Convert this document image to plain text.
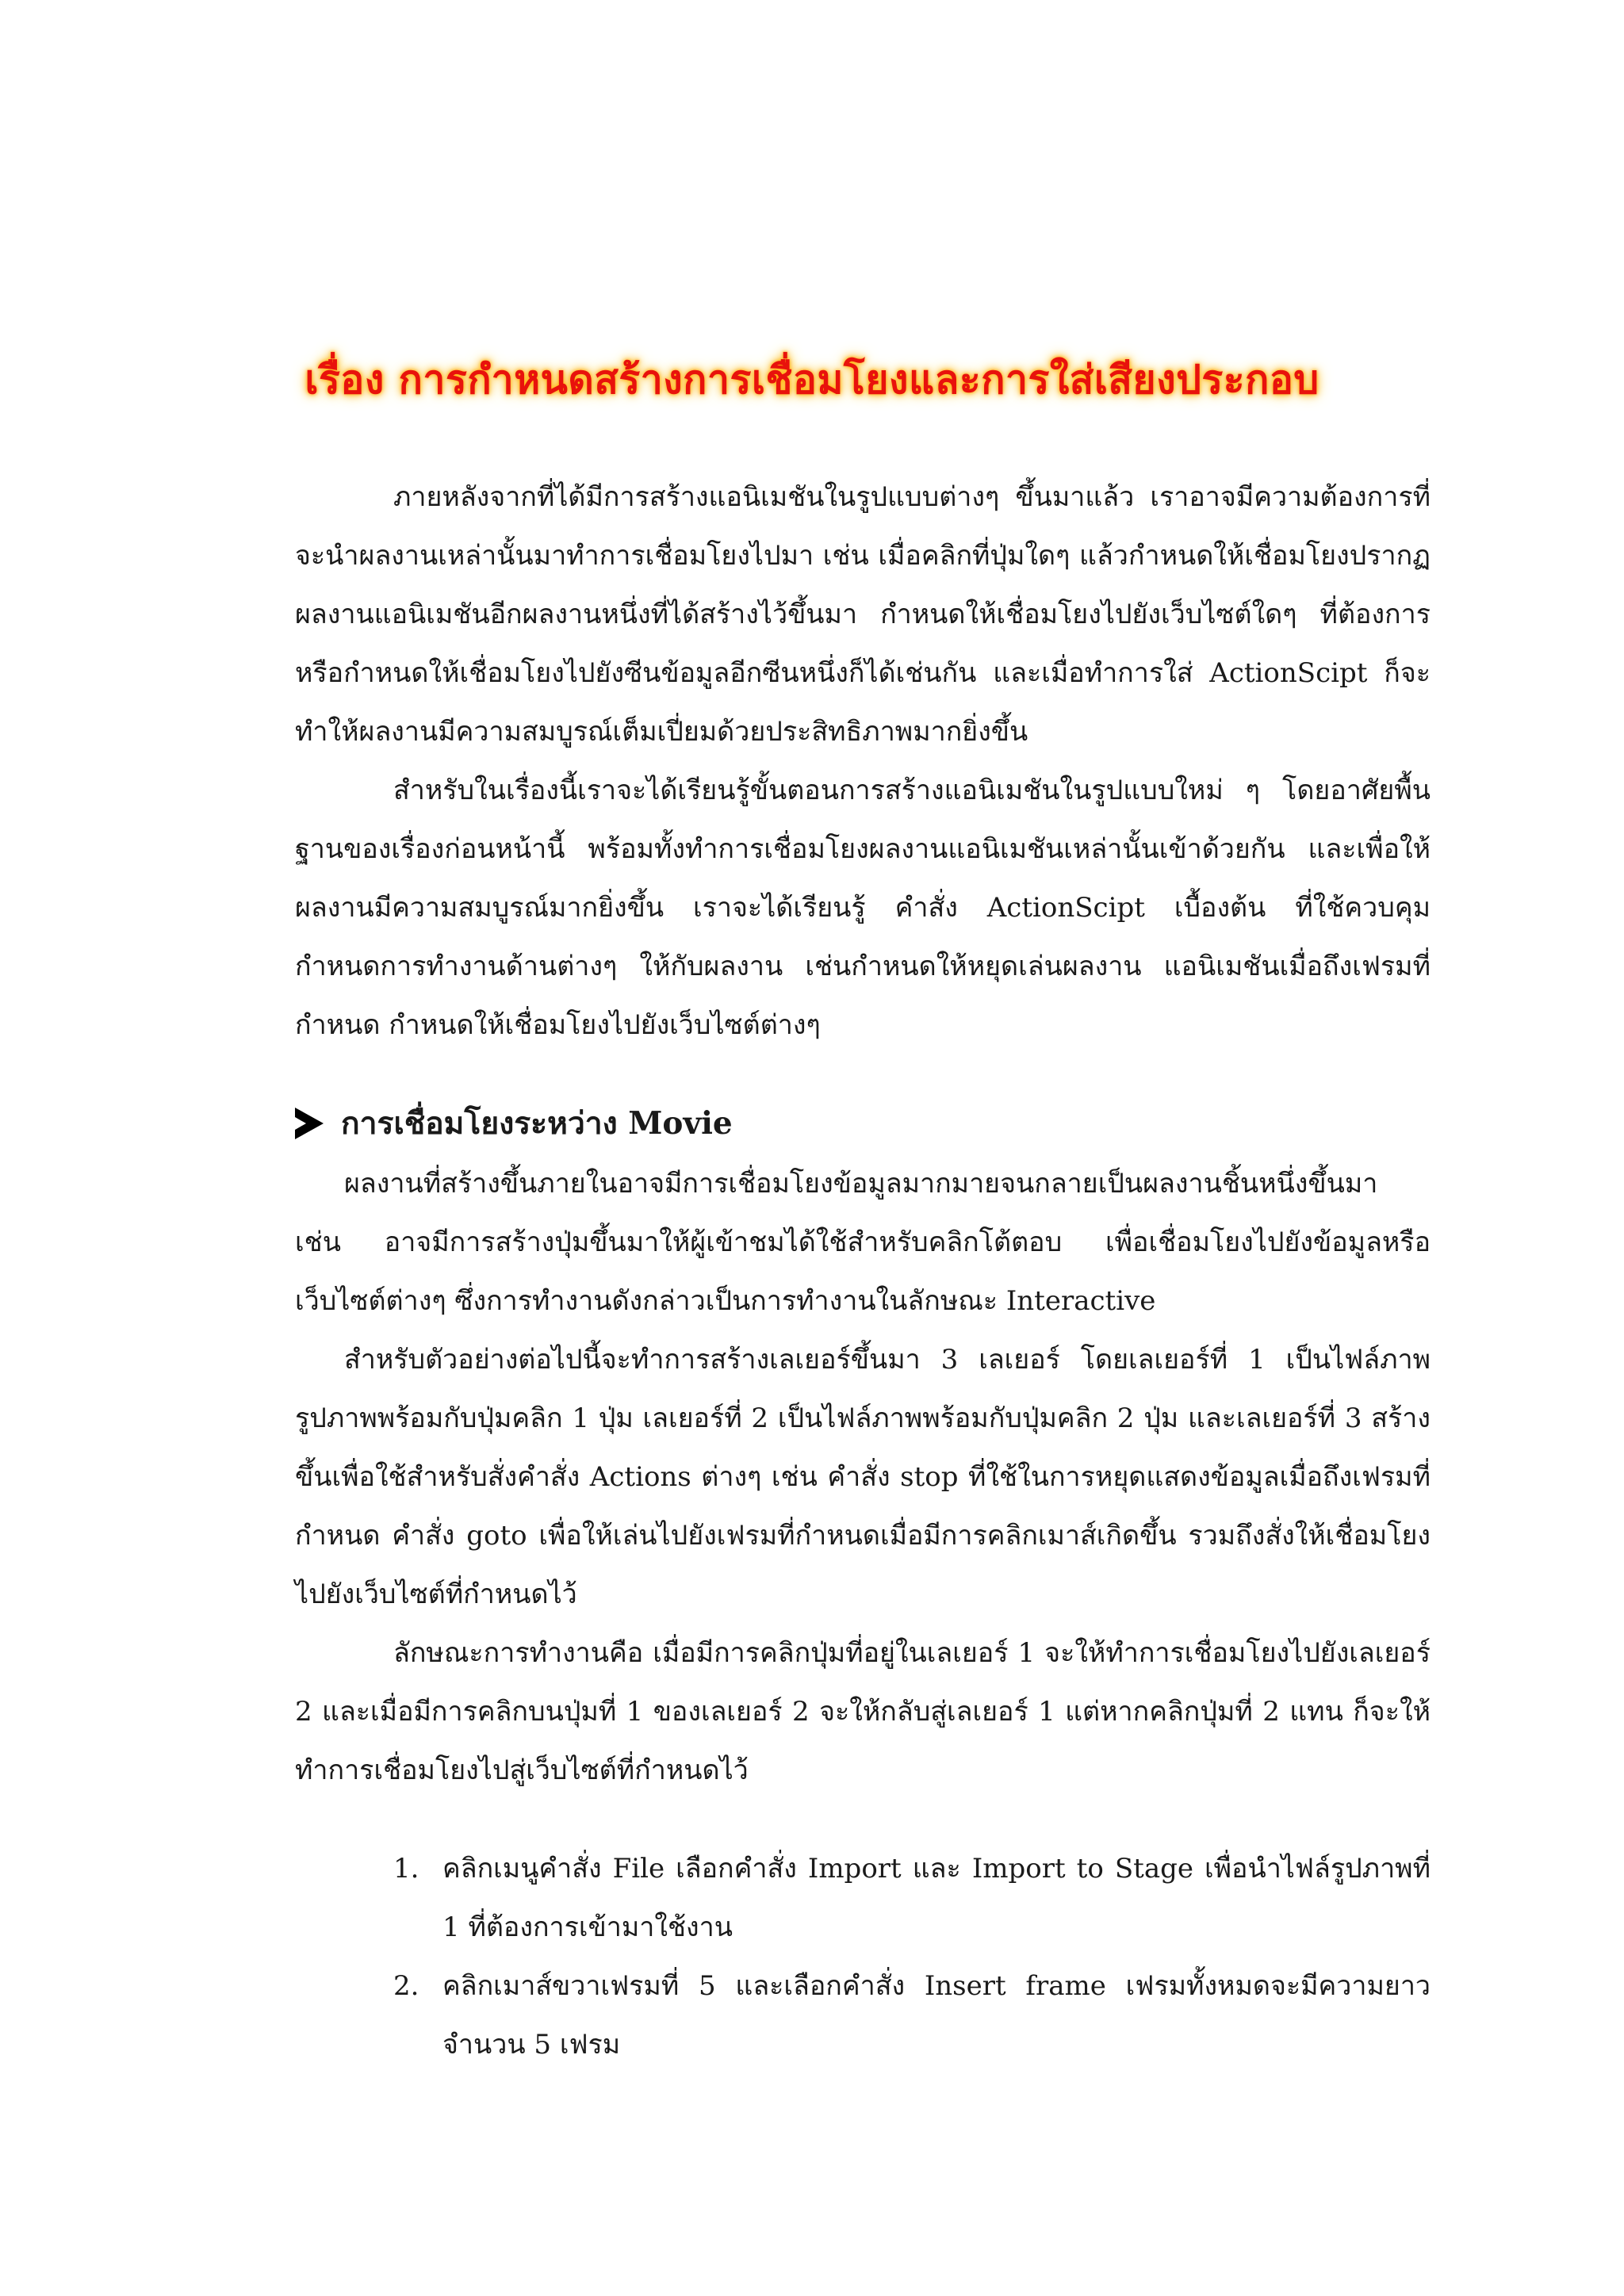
เรื่อง การกำหนดสร้างการเชื่อมโยงและการใส่เสียงประกอบ

ภายหลังจากที่ได้มีการสร้างแอนิเมชันในรูปแบบต่างๆ ขึ้นมาแล้ว เราอาจมีความต้องการที่จะนำผลงานเหล่านั้นมาทำการเชื่อมโยงไปมา เช่น เมื่อคลิกที่ปุ่มใดๆ แล้วกำหนดให้เชื่อมโยงปรากฏผลงานแอนิเมชันอีกผลงานหนึ่งที่ได้สร้างไว้ขึ้นมา กำหนดให้เชื่อมโยงไปยังเว็บไซต์ใดๆ ที่ต้องการ หรือกำหนดให้เชื่อมโยงไปยังซีนข้อมูลอีกซีนหนึ่งก็ได้เช่นกัน และเมื่อทำการใส่ ActionScipt ก็จะทำให้ผลงานมีความสมบูรณ์เต็มเปี่ยมด้วยประสิทธิภาพมากยิ่งขึ้น

สำหรับในเรื่องนี้เราจะได้เรียนรู้ขั้นตอนการสร้างแอนิเมชันในรูปแบบใหม่ ๆ โดยอาศัยพื้นฐานของเรื่องก่อนหน้านี้ พร้อมทั้งทำการเชื่อมโยงผลงานแอนิเมชันเหล่านั้นเข้าด้วยกัน และเพื่อให้ผลงานมีความสมบูรณ์มากยิ่งขึ้น เราจะได้เรียนรู้ คำสั่ง ActionScipt เบื้องต้น ที่ใช้ควบคุมกำหนดการทำงานด้านต่างๆ ให้กับผลงาน เช่นกำหนดให้หยุดเล่นผลงาน แอนิเมชันเมื่อถึงเฟรมที่กำหนด กำหนดให้เชื่อมโยงไปยังเว็บไซต์ต่างๆ

การเชื่อมโยงระหว่าง Movie

ผลงานที่สร้างขึ้นภายในอาจมีการเชื่อมโยงข้อมูลมากมายจนกลายเป็นผลงานชิ้นหนึ่งขึ้นมา เช่น อาจมีการสร้างปุ่มขึ้นมาให้ผู้เข้าชมได้ใช้สำหรับคลิกโต้ตอบ เพื่อเชื่อมโยงไปยังข้อมูลหรือเว็บไซต์ต่างๆ ซึ่งการทำงานดังกล่าวเป็นการทำงานในลักษณะ Interactive

สำหรับตัวอย่างต่อไปนี้จะทำการสร้างเลเยอร์ขึ้นมา 3 เลเยอร์ โดยเลเยอร์ที่ 1 เป็นไฟล์ภาพรูปภาพพร้อมกับปุ่มคลิก 1 ปุ่ม เลเยอร์ที่ 2 เป็นไฟล์ภาพพร้อมกับปุ่มคลิก 2 ปุ่ม และเลเยอร์ที่ 3 สร้างขึ้นเพื่อใช้สำหรับสั่งคำสั่ง Actions ต่างๆ เช่น คำสั่ง stop ที่ใช้ในการหยุดแสดงข้อมูลเมื่อถึงเฟรมที่กำหนด คำสั่ง goto เพื่อให้เล่นไปยังเฟรมที่กำหนดเมื่อมีการคลิกเมาส์เกิดขึ้น รวมถึงสั่งให้เชื่อมโยงไปยังเว็บไซต์ที่กำหนดไว้

ลักษณะการทำงานคือ เมื่อมีการคลิกปุ่มที่อยู่ในเลเยอร์ 1 จะให้ทำการเชื่อมโยงไปยังเลเยอร์ 2 และเมื่อมีการคลิกบนปุ่มที่ 1 ของเลเยอร์ 2 จะให้กลับสู่เลเยอร์ 1 แต่หากคลิกปุ่มที่ 2 แทน ก็จะให้ทำการเชื่อมโยงไปสู่เว็บไซต์ที่กำหนดไว้

1. คลิกเมนูคำสั่ง File เลือกคำสั่ง Import และ Import to Stage เพื่อนำไฟล์รูปภาพที่ 1 ที่ต้องการเข้ามาใช้งาน
2. คลิกเมาส์ขวาเฟรมที่ 5 และเลือกคำสั่ง Insert frame เฟรมทั้งหมดจะมีความยาวจำนวน 5 เฟรม
